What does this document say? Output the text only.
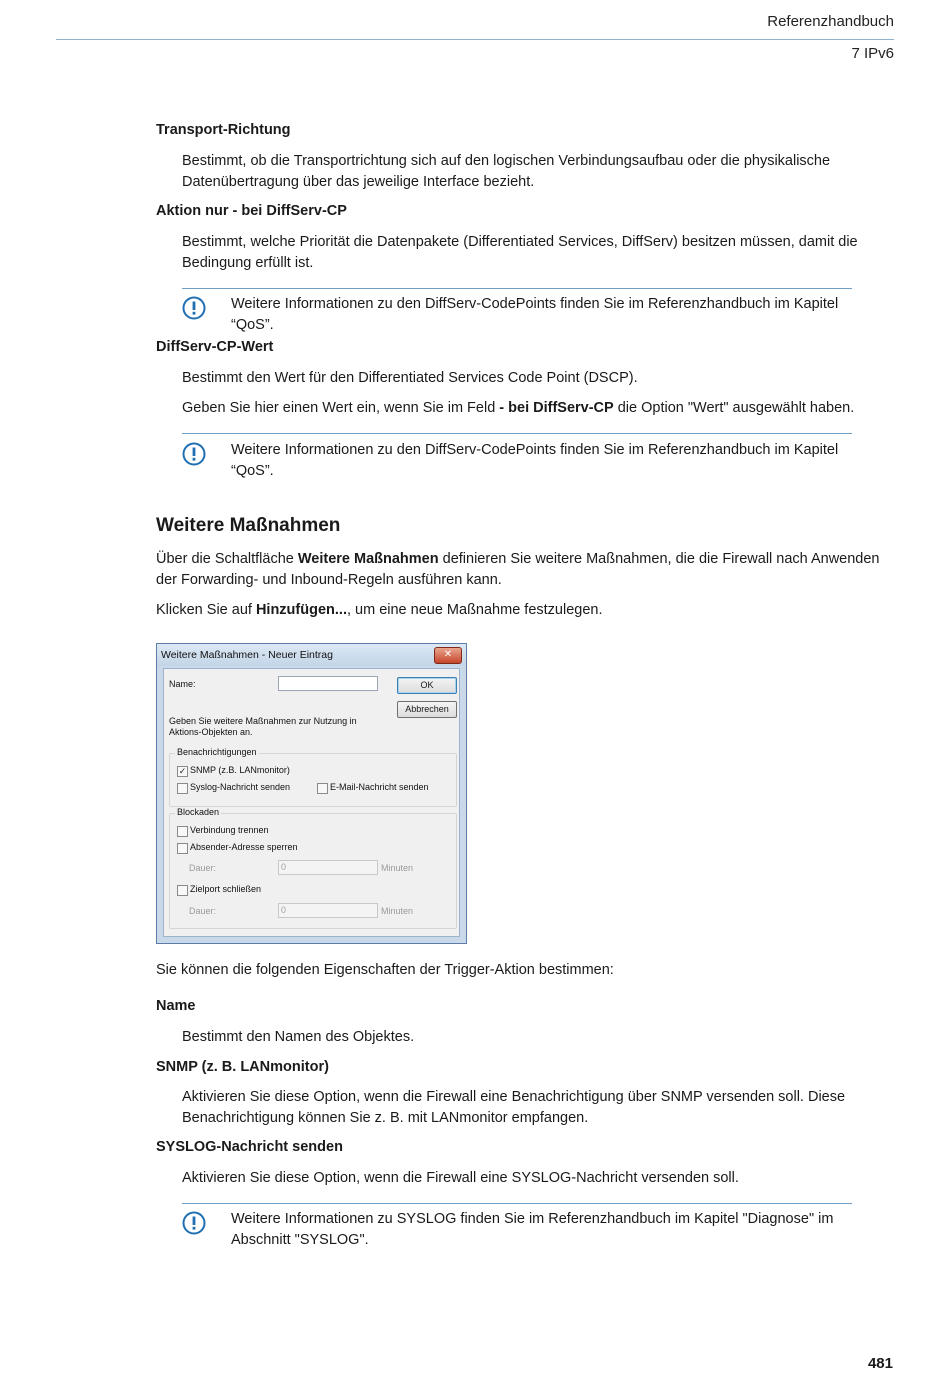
Referenzhandbuch
7 IPv6
Transport-Richtung
Bestimmt, ob die Transportrichtung sich auf den logischen Verbindungsaufbau oder die physikalische Datenübertragung über das jeweilige Interface bezieht.
Aktion nur - bei DiffServ-CP
Bestimmt, welche Priorität die Datenpakete (Differentiated Services, DiffServ) besitzen müssen, damit die Bedingung erfüllt ist.
Weitere Informationen zu den DiffServ-CodePoints finden Sie im Referenzhandbuch im Kapitel “QoS”.
DiffServ-CP-Wert
Bestimmt den Wert für den Differentiated Services Code Point (DSCP).
Geben Sie hier einen Wert ein, wenn Sie im Feld - bei DiffServ-CP die Option "Wert" ausgewählt haben.
Weitere Informationen zu den DiffServ-CodePoints finden Sie im Referenzhandbuch im Kapitel “QoS”.
Weitere Maßnahmen
Über die Schaltfläche Weitere Maßnahmen definieren Sie weitere Maßnahmen, die die Firewall nach Anwenden der Forwarding- und Inbound-Regeln ausführen kann.
Klicken Sie auf Hinzufügen..., um eine neue Maßnahme festzulegen.
Weitere Maßnahmen - Neuer Eintrag	✕
Name:	OK
Abbrechen
Geben Sie weitere Maßnahmen zur Nutzung in
Aktions-Objekten an.
Benachrichtigungen
✓ SNMP (z.B. LANmonitor)
Syslog-Nachricht senden	E-Mail-Nachricht senden
Blockaden
Verbindung trennen
Absender-Adresse sperren
Dauer:	0	Minuten
Zielport schließen
Dauer:	0	Minuten
Sie können die folgenden Eigenschaften der Trigger-Aktion bestimmen:
Name
Bestimmt den Namen des Objektes.
SNMP (z. B. LANmonitor)
Aktivieren Sie diese Option, wenn die Firewall eine Benachrichtigung über SNMP versenden soll. Diese Benachrichtigung können Sie z. B. mit LANmonitor empfangen.
SYSLOG-Nachricht senden
Aktivieren Sie diese Option, wenn die Firewall eine SYSLOG-Nachricht versenden soll.
Weitere Informationen zu SYSLOG finden Sie im Referenzhandbuch im Kapitel "Diagnose" im Abschnitt "SYSLOG".
481
